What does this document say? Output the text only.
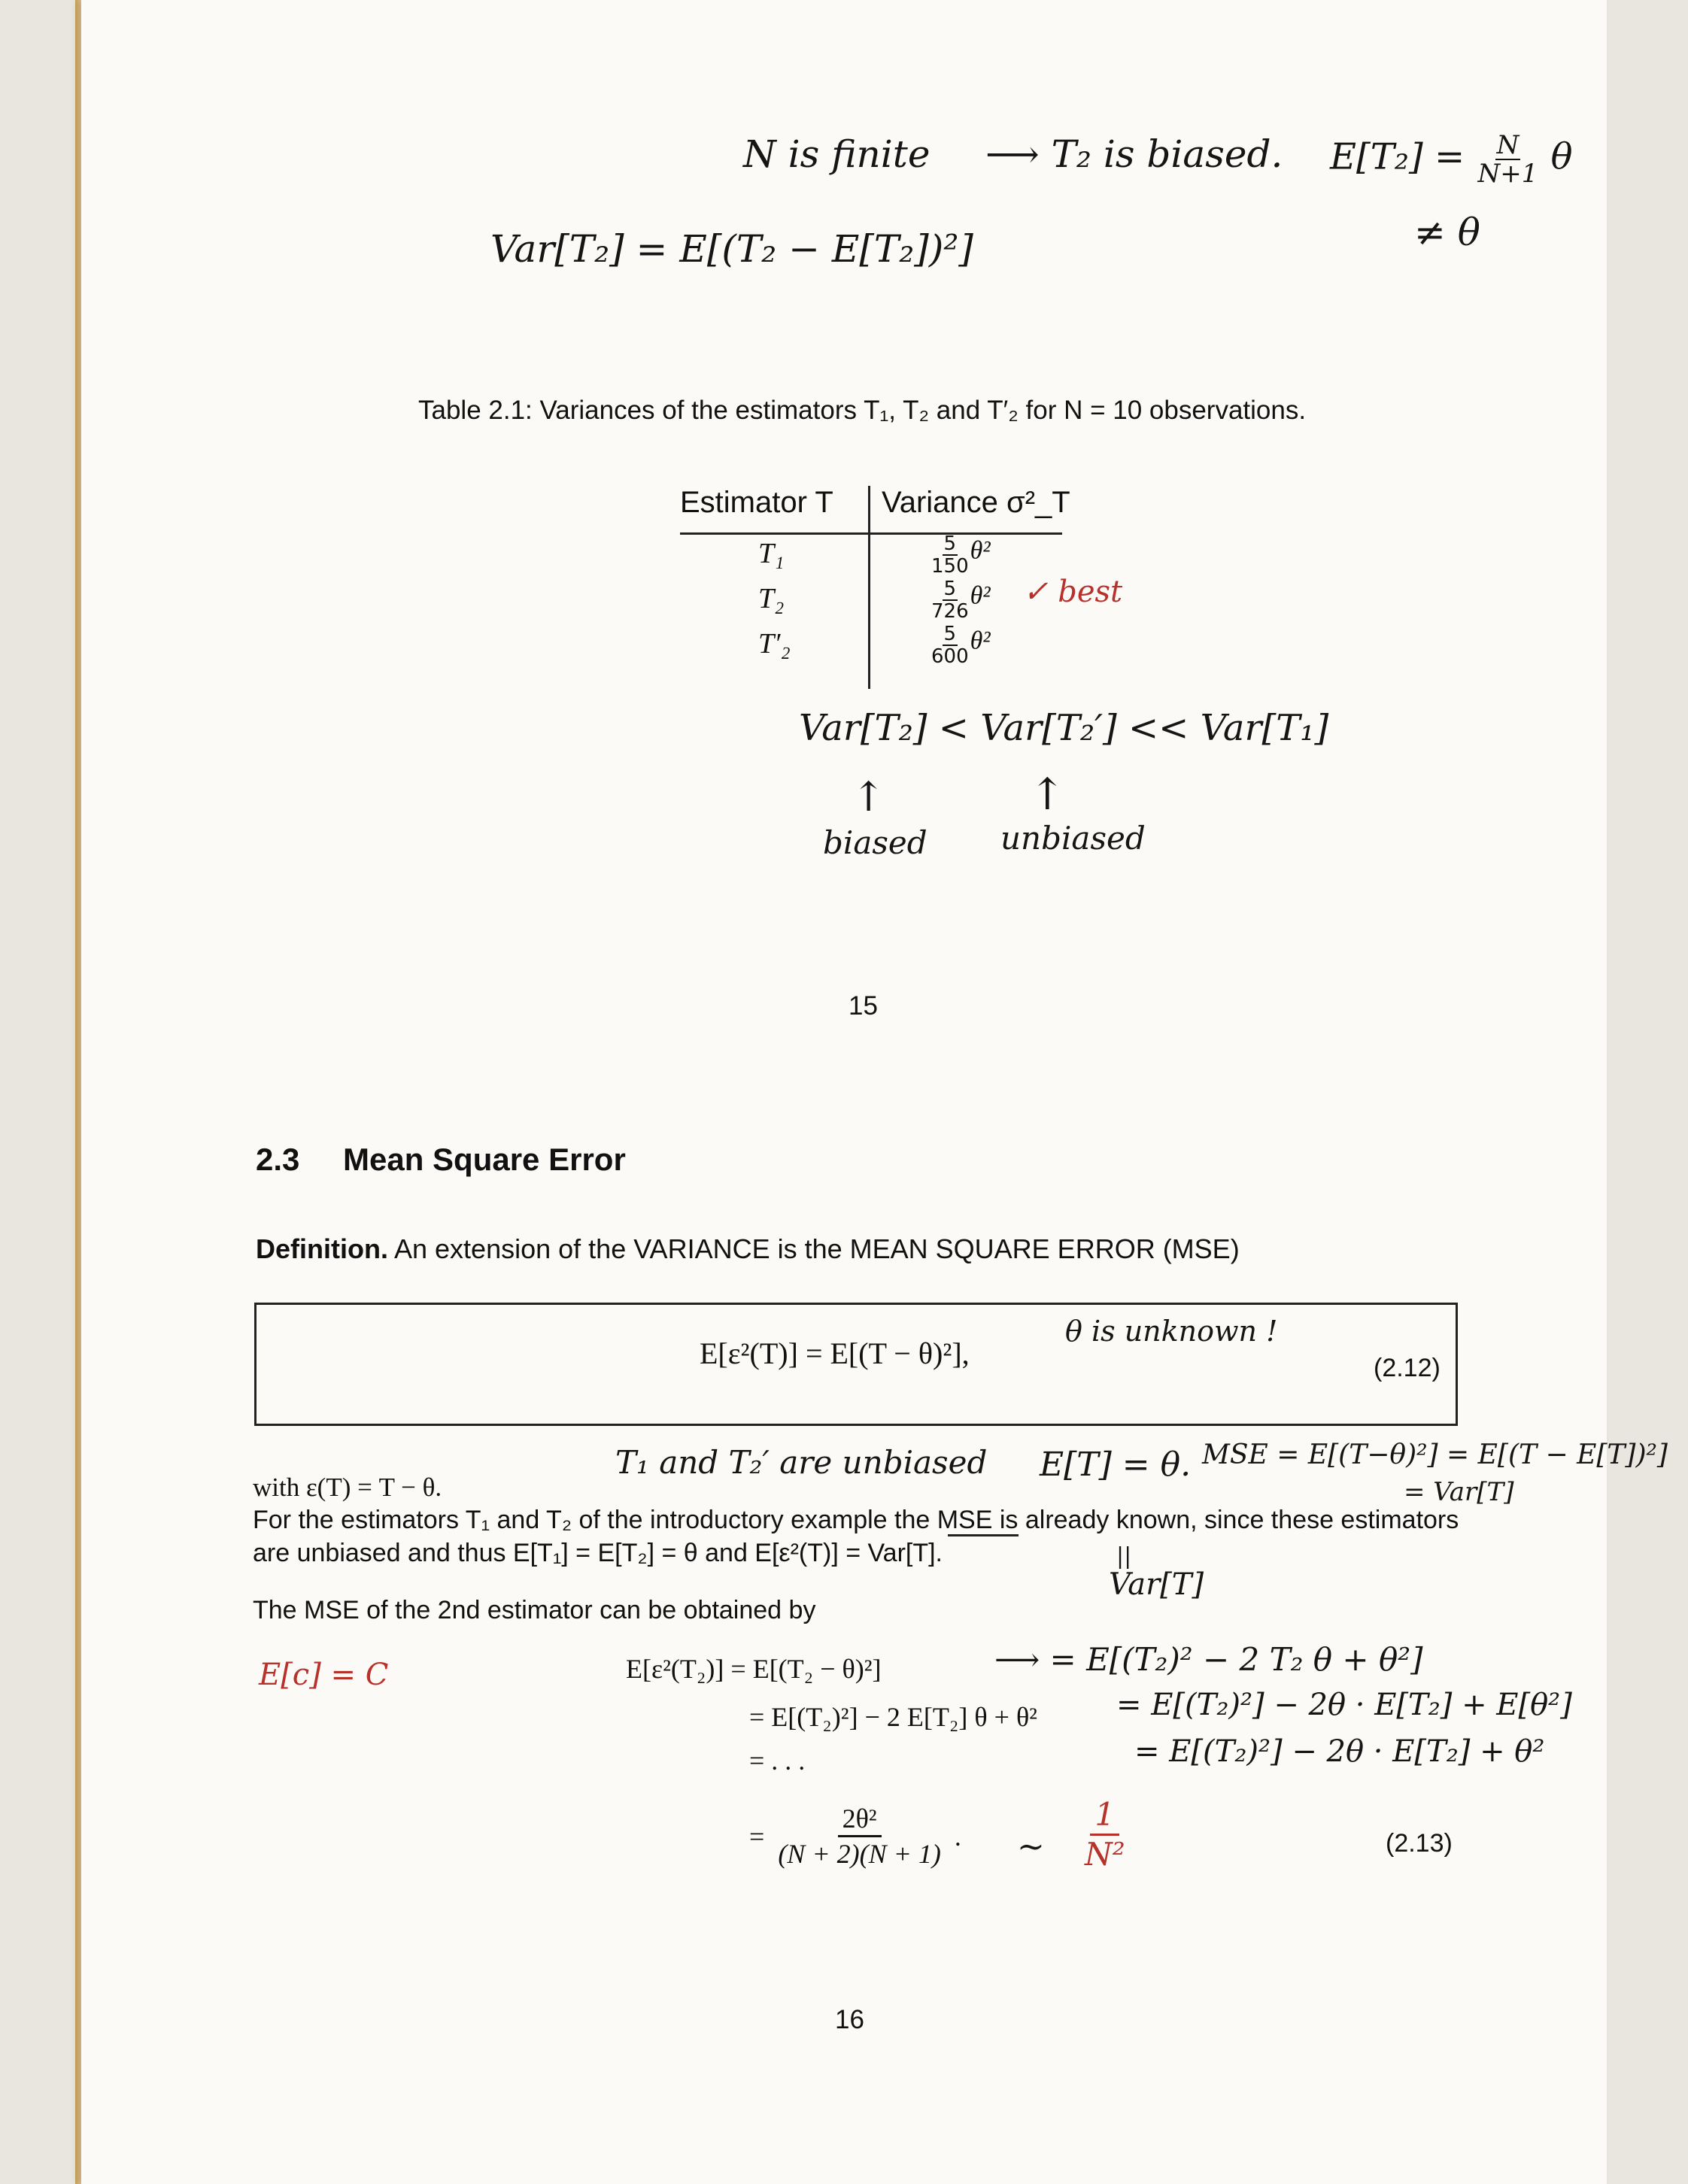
N is finite ⟶ T₂ is biased. $E[T_2] = \frac{N}{N+1}$ θ
≠ θ
Var[T₂] = E[(T₂ − E[T₂])²]
Table 2.1: Variances of the estimators T₁, T₂ and T′₂ for N = 10 observations.
Estimator T Variance σ²_T
T₁	$\frac{5}{150} \theta^2$
T₂	$\frac{5}{726} \theta^2$
T′₂	$\frac{5}{600} \theta^2$
✓ best
Var[T₂] < Var[T₂′] << Var[T₁]
↑	↑
biased unbiased
15
2.3 Mean Square Error
Definition. An extension of the VARIANCE is the MEAN SQUARE ERROR (MSE)
E[ε²(T)] = E[(T − θ)²],	(2.12)
θ is unknown !
T₁ and T₂′ are unbiased E[T] = θ. MSE = E[(T−θ)²] = E[(T − E[T])²]
= Var[T]
with ε(T) = T − θ.
For the estimators T₁ and T₂ of the introductory example the MSE is already known, since these estimators
are unbiased and thus E[T₁] = E[T₂] = θ and E[ε²(T)] = Var[T].	||
Var[T]
The MSE of the 2nd estimator can be obtained by
E[c] = C	E[ε²(T₂)] = E[(T₂ − θ)²]
= E[(T₂)²] − 2 E[T₂] θ + θ²
= . . .
= $\frac{\text{2θ²}}{(N + 2)(N + 1)}$ .	(2.13)
⟶ = E[(T₂)² − 2 T₂ θ + θ²]
= E[(T₂)²] − 2θ · E[T₂] + E[θ²]
= E[(T₂)²] − 2θ · E[T₂] + θ²
~ $\frac{1}{\text{N²}}$
16
